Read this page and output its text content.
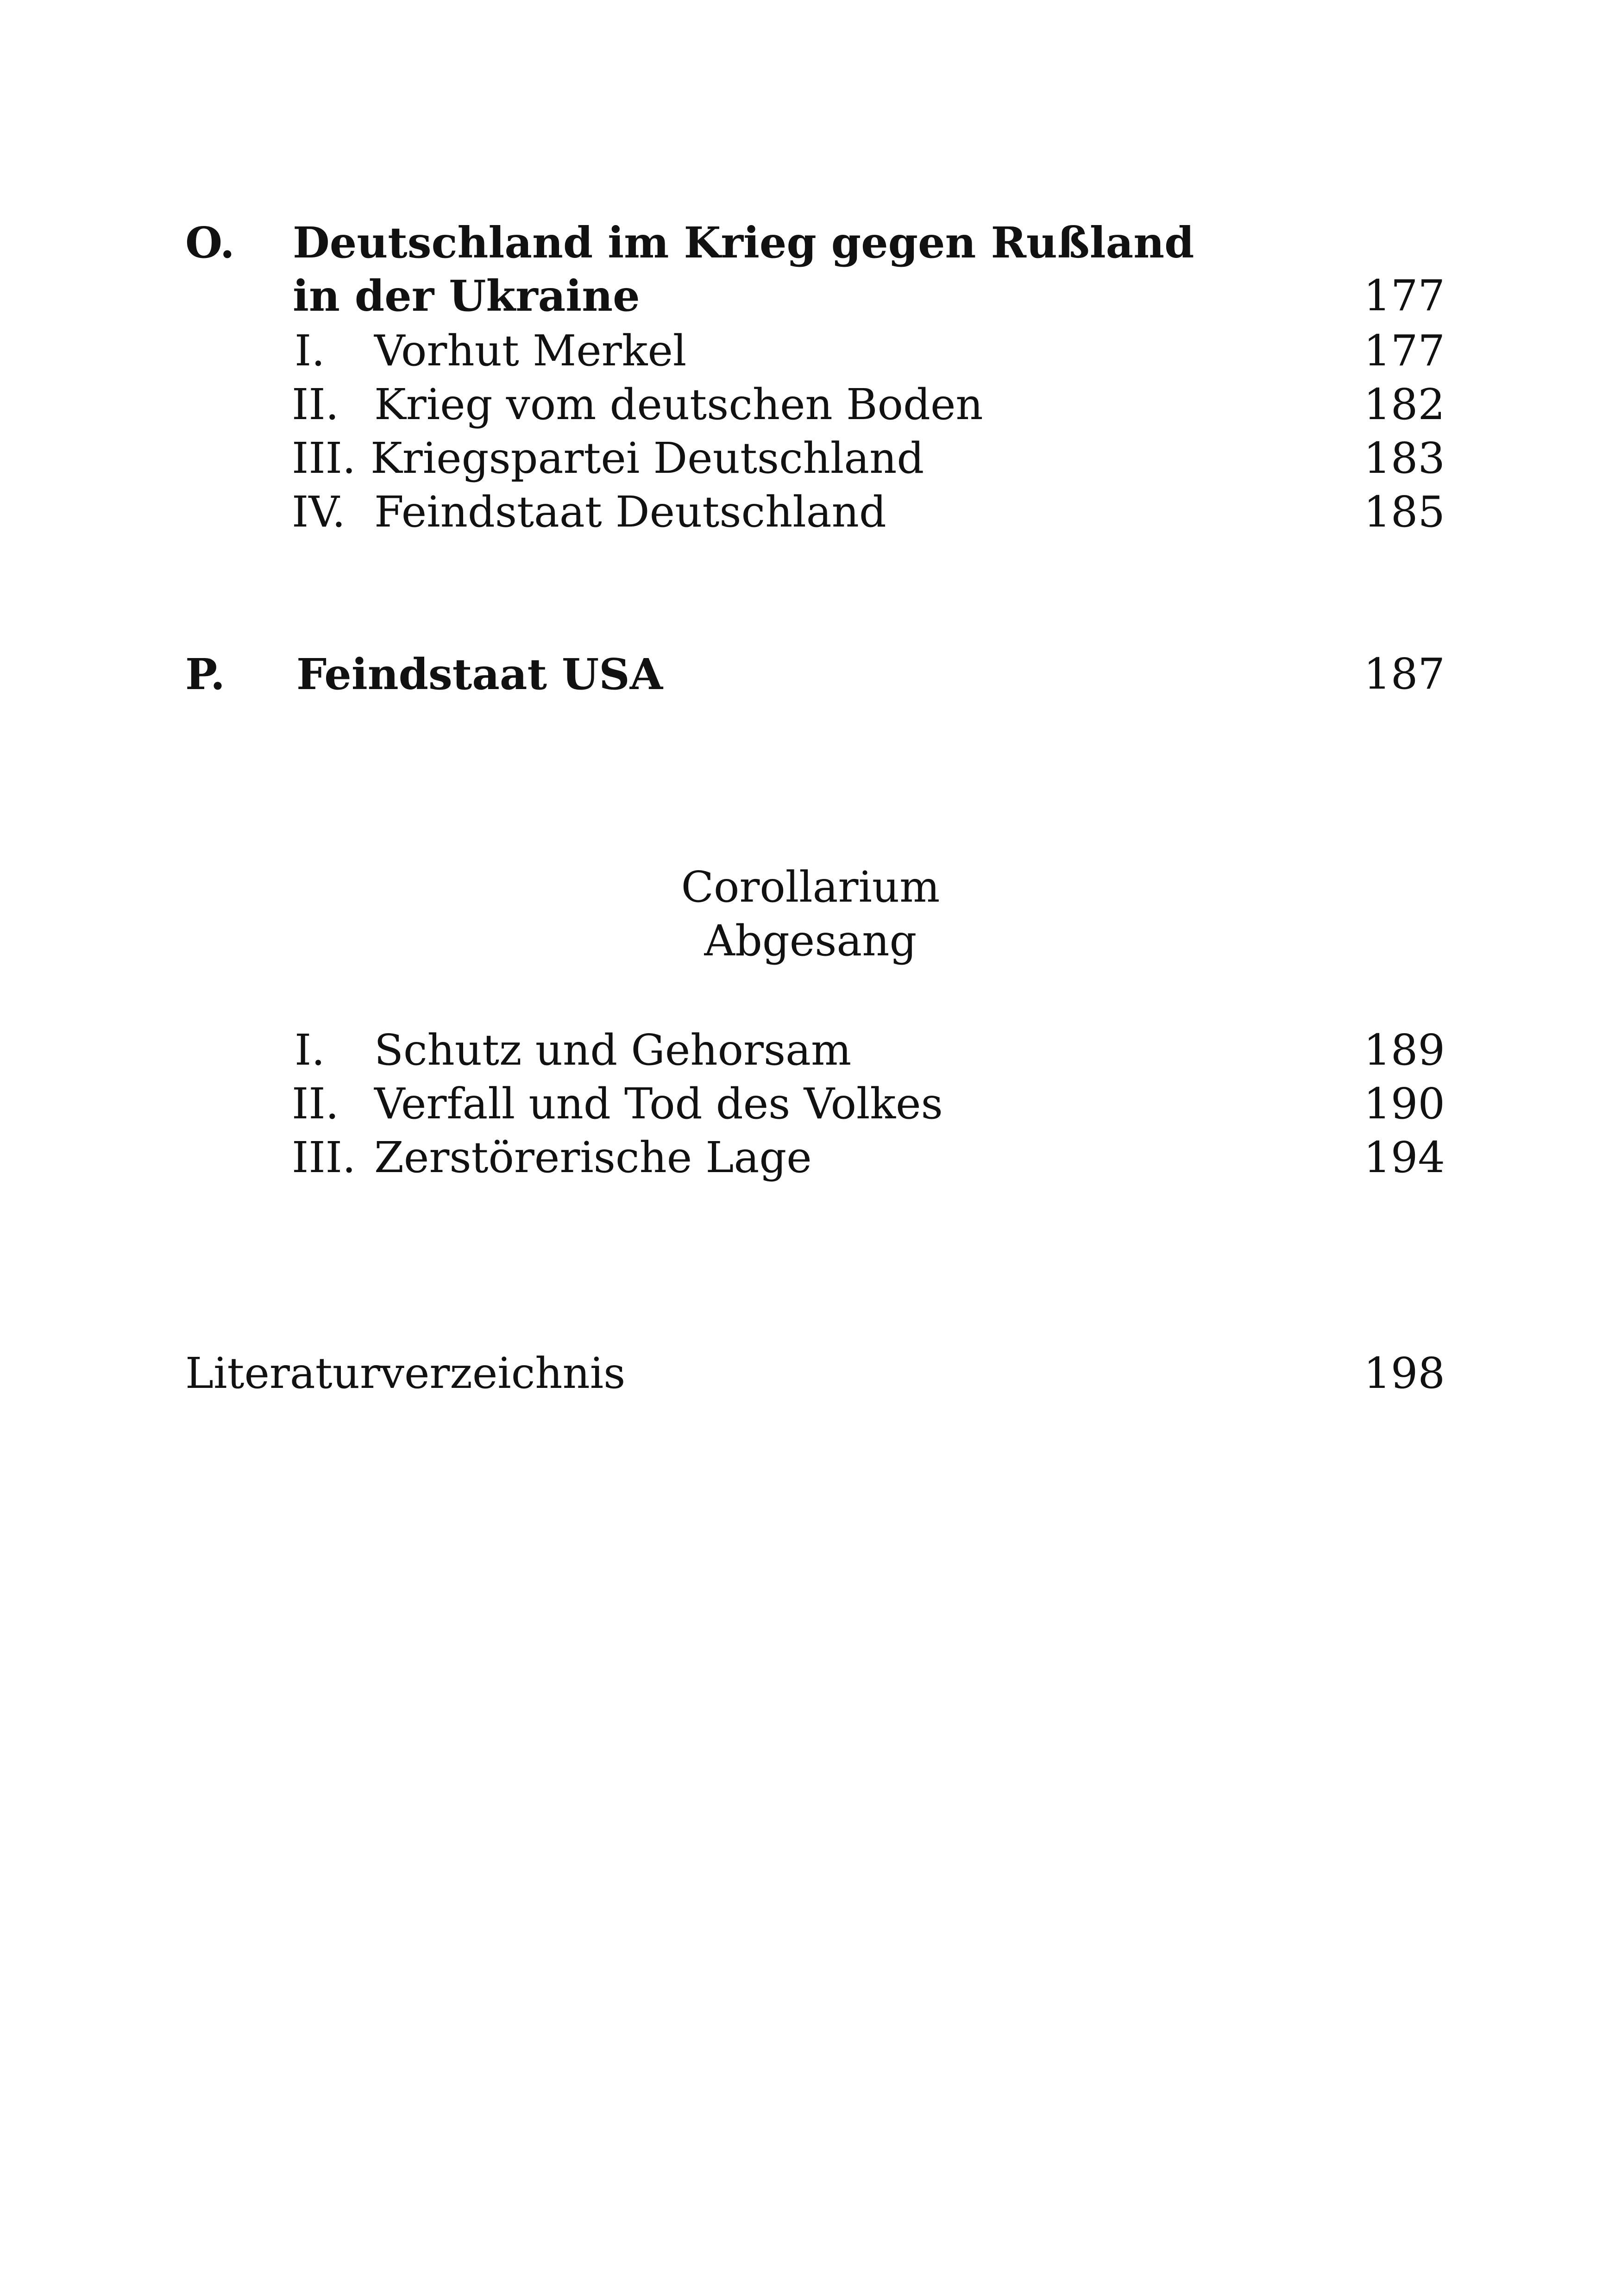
O. Deutschland im Krieg gegen Rußland
in der Ukraine	177
I. Vorhut Merkel	177
II. Krieg vom deutschen Boden	182
III. Kriegspartei Deutschland	183
IV. Feindstaat Deutschland	185
P. Feindstaat USA	187
Corollarium
Abgesang
I. Schutz und Gehorsam	189
II. Verfall und Tod des Volkes	190
III. Zerstörerische Lage	194
Literaturverzeichnis	198
